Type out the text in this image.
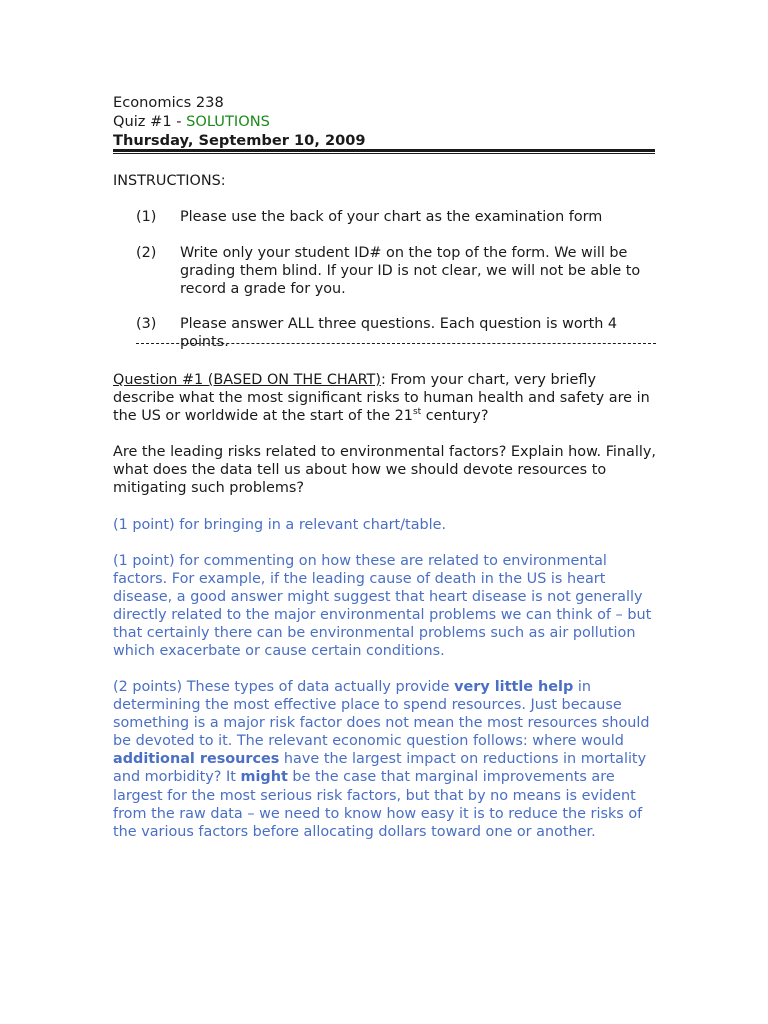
Economics 238
Quiz #1 - SOLUTIONS
Thursday, September 10, 2009
INSTRUCTIONS:
(1)	Please use the back of your chart as the examination form
(2)	Write only your student ID# on the top of the form. We will be grading them blind. If your ID is not clear, we will not be able to record a grade for you.
(3)	Please answer ALL three questions. Each question is worth 4 points.
Question #1 (BASED ON THE CHART): From your chart, very briefly describe what the most significant risks to human health and safety are in the US or worldwide at the start of the 21st century?
Are the leading risks related to environmental factors? Explain how. Finally, what does the data tell us about how we should devote resources to mitigating such problems?
(1 point) for bringing in a relevant chart/table.
(1 point) for commenting on how these are related to environmental factors. For example, if the leading cause of death in the US is heart disease, a good answer might suggest that heart disease is not generally directly related to the major environmental problems we can think of – but that certainly there can be environmental problems such as air pollution which exacerbate or cause certain conditions.
(2 points) These types of data actually provide very little help in determining the most effective place to spend resources. Just because something is a major risk factor does not mean the most resources should be devoted to it. The relevant economic question follows: where would additional resources have the largest impact on reductions in mortality and morbidity? It might be the case that marginal improvements are largest for the most serious risk factors, but that by no means is evident from the raw data – we need to know how easy it is to reduce the risks of the various factors before allocating dollars toward one or another.
